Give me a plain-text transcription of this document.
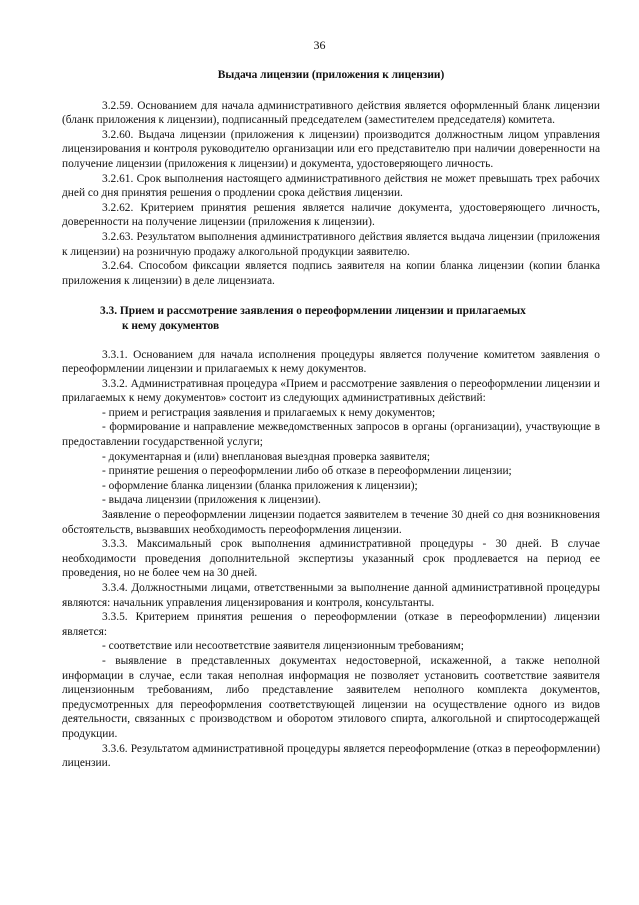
36
Выдача лицензии (приложения к лицензии)

3.2.59. Основанием для начала административного действия является оформленный бланк лицензии (бланк приложения к лицензии), подписанный председателем (заместителем председателя) комитета.

3.2.60. Выдача лицензии (приложения к лицензии) производится должностным лицом управления лицензирования и контроля руководителю организации или его представителю при наличии доверенности на получение лицензии (приложения к лицензии) и документа, удостоверяющего личность.

3.2.61. Срок выполнения настоящего административного действия не может превышать трех рабочих дней со дня принятия решения о продлении срока действия лицензии.

3.2.62. Критерием принятия решения является наличие документа, удостоверяющего личность, доверенности на получение лицензии (приложения к лицензии).

3.2.63. Результатом выполнения административного действия является выдача лицензии (приложения к лицензии) на розничную продажу алкогольной продукции заявителю.

3.2.64. Способом фиксации является подпись заявителя на копии бланка лицензии (копии бланка приложения к лицензии) в деле лицензиата.

3.3. Прием и рассмотрение заявления о переоформлении лицензии и прилагаемых
к нему документов

3.3.1. Основанием для начала исполнения процедуры является получение комитетом заявления о переоформлении лицензии и прилагаемых к нему документов.

3.3.2. Административная процедура «Прием и рассмотрение заявления о переоформлении лицензии и прилагаемых к нему документов» состоит из следующих административных действий:

- прием и регистрация заявления и прилагаемых к нему документов;

- формирование и направление межведомственных запросов в органы (организации), участвующие в предоставлении государственной услуги;

- документарная и (или) внеплановая выездная проверка заявителя;

- принятие решения о переоформлении либо об отказе в переоформлении лицензии;

- оформление бланка лицензии (бланка приложения к лицензии);

- выдача лицензии (приложения к лицензии).

Заявление о переоформлении лицензии подается заявителем в течение 30 дней со дня возникновения обстоятельств, вызвавших необходимость переоформления лицензии.

3.3.3. Максимальный срок выполнения административной процедуры - 30 дней. В случае необходимости проведения дополнительной экспертизы указанный срок продлевается на период ее проведения, но не более чем на 30 дней.

3.3.4. Должностными лицами, ответственными за выполнение данной административной процедуры являются: начальник управления лицензирования и контроля, консультанты.

3.3.5. Критерием принятия решения о переоформлении (отказе в переоформлении) лицензии является:

- соответствие или несоответствие заявителя лицензионным требованиям;

- выявление в представленных документах недостоверной, искаженной, а также неполной информации в случае, если такая неполная информация не позволяет установить соответствие заявителя лицензионным требованиям, либо представление заявителем неполного комплекта документов, предусмотренных для переоформления соответствующей лицензии на осуществление одного из видов деятельности, связанных с производством и оборотом этилового спирта, алкогольной и спиртосодержащей продукции.

3.3.6. Результатом административной процедуры является переоформление (отказ в переоформлении) лицензии.
